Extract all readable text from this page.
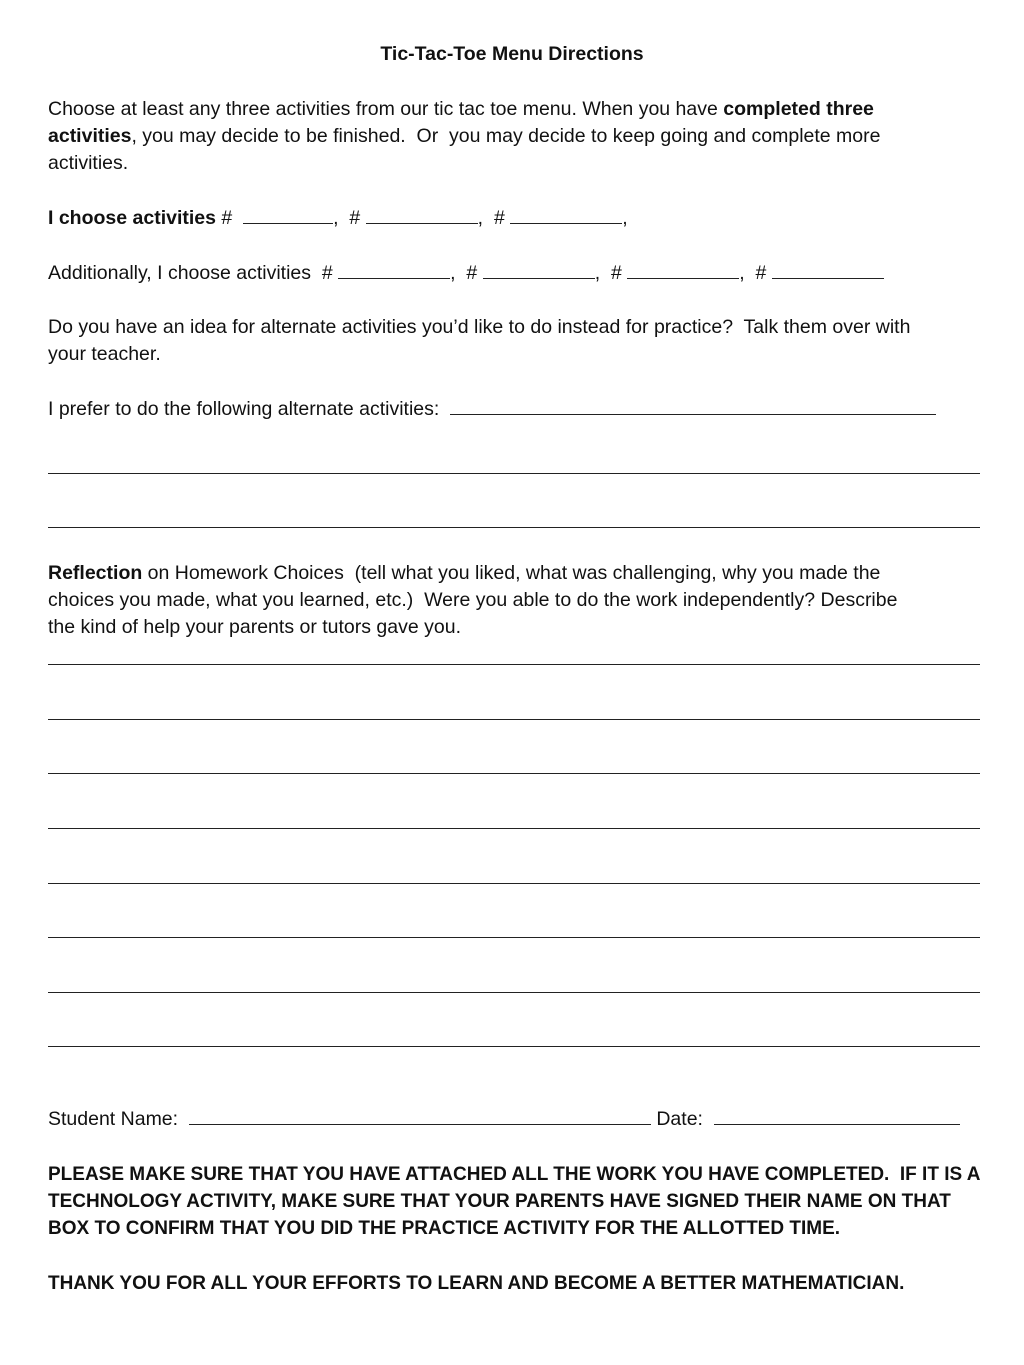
Tic-Tac-Toe Menu Directions

Choose at least any three activities from our tic tac toe menu. When you have completed three

activities, you may decide to be finished.  Or  you may decide to keep going and complete more

activities.

I choose activities #	, #	, #	,

Additionally, I choose activities #	, #	, #	, #

Do you have an idea for alternate activities you’d like to do instead for practice?  Talk them over with

your teacher.

I prefer to do the following alternate activities:

Reflection on Homework Choices  (tell what you liked, what was challenging, why you made the

choices you made, what you learned, etc.)  Were you able to do the work independently? Describe

the kind of help your parents or tutors gave you.

Student Name:	Date:

PLEASE MAKE SURE THAT YOU HAVE ATTACHED ALL THE WORK YOU HAVE COMPLETED.  IF IT IS A

TECHNOLOGY ACTIVITY, MAKE SURE THAT YOUR PARENTS HAVE SIGNED THEIR NAME ON THAT

BOX TO CONFIRM THAT YOU DID THE PRACTICE ACTIVITY FOR THE ALLOTTED TIME.

THANK YOU FOR ALL YOUR EFFORTS TO LEARN AND BECOME A BETTER MATHEMATICIAN.
